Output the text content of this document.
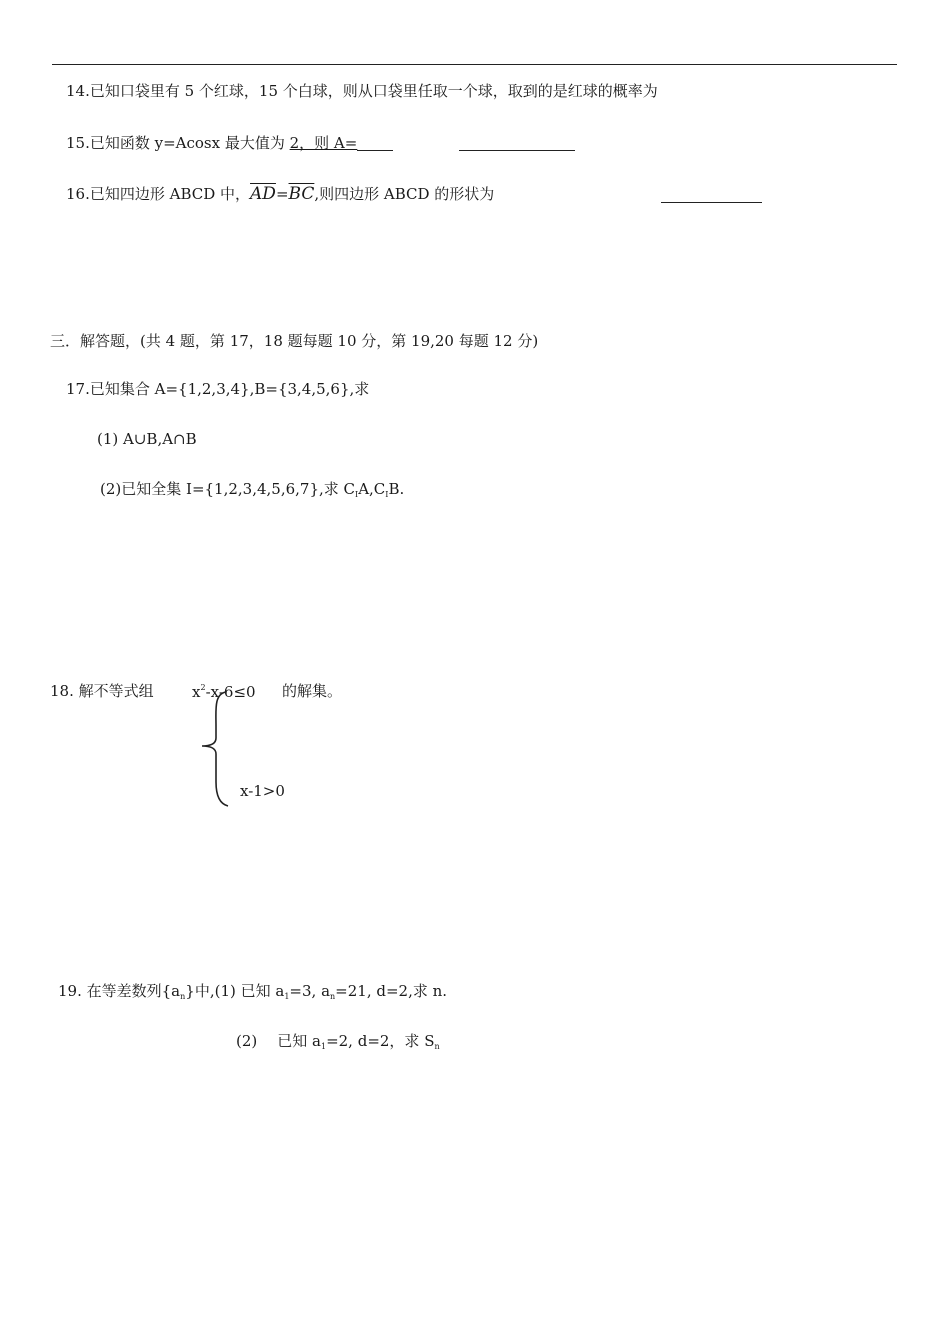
14.已知口袋里有 5 个红球，15 个白球，则从口袋里任取一个球，取到的是红球的概率为
15.已知函数 y=Acosx 最大值为 2，则 A=
16.已知四边形 ABCD 中，$\overline{AD}=\overline{BC}$,则四边形 ABCD 的形状为
三．解答题，(共 4 题，第 17，18 题每题 10 分，第 19,20 每题 12 分)
17.已知集合 A={1,2,3,4},B={3,4,5,6},求
(1) A∪B,A∩B
(2)已知全集 I={1,2,3,4,5,6,7},求 $C_IA,C_IB$.
18. 解不等式组	$x^2-x-6\le 0$ 的解集。
x-1>0
19. 在等差数列$\{a_n\}$中,(1) 已知 $a_1=3$, $a_n=21$, d=2,求 n.
(2) 已知 $a_1=2$, d=2，求 $S_n$
